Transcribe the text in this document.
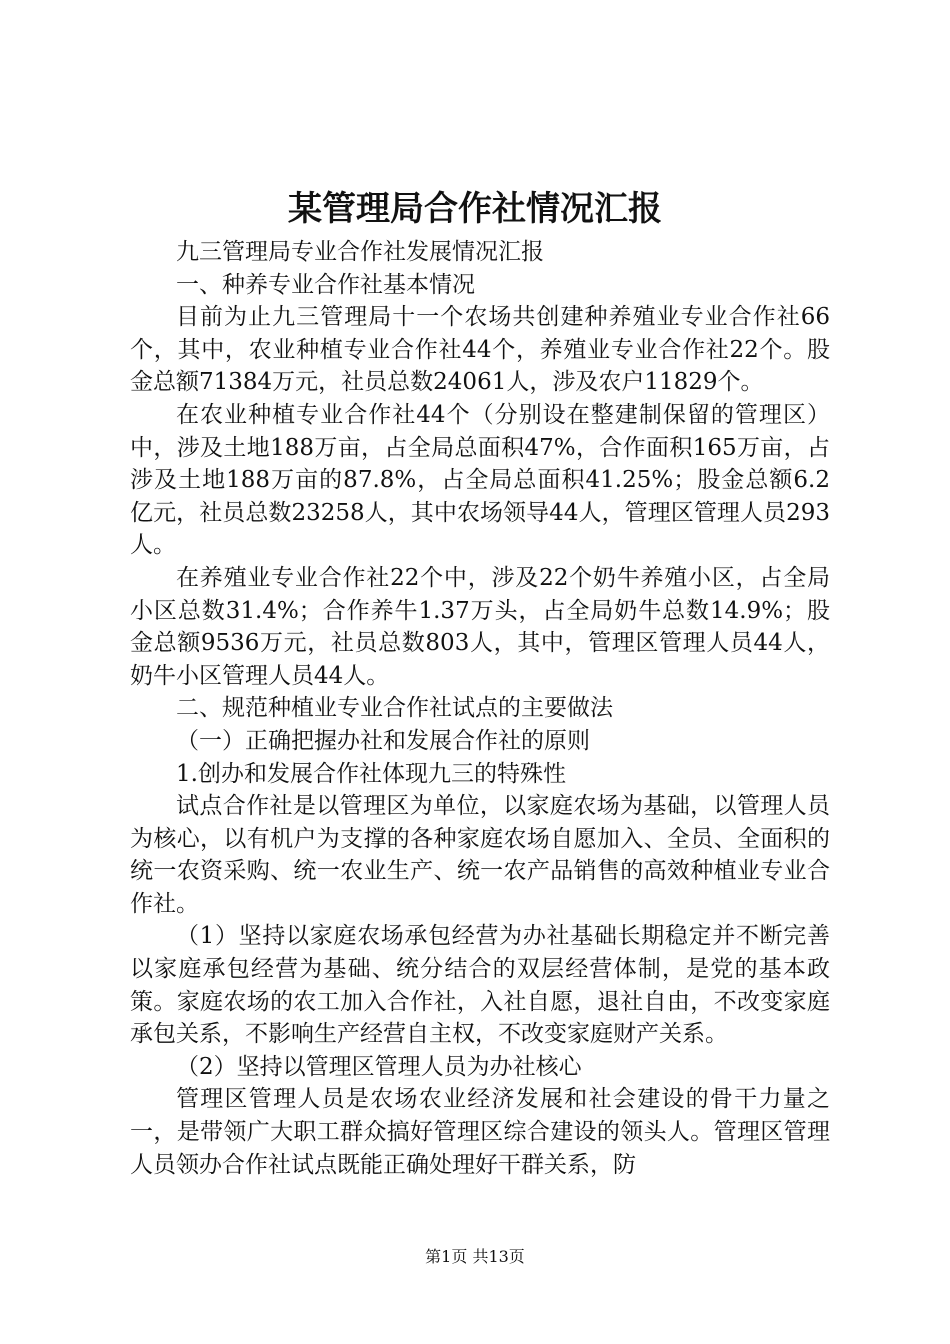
某管理局合作社情况汇报

九三管理局专业合作社发展情况汇报

一、种养专业合作社基本情况

目前为止九三管理局十一个农场共创建种养殖业专业合作社66个，其中，农业种植专业合作社44个，养殖业专业合作社22个。股金总额71384万元，社员总数24061人，涉及农户11829个。

在农业种植专业合作社44个（分别设在整建制保留的管理区）中，涉及土地188万亩，占全局总面积47%，合作面积165万亩，占涉及土地188万亩的87.8%，占全局总面积41.25%；股金总额6.2亿元，社员总数23258人，其中农场领导44人，管理区管理人员293人。

在养殖业专业合作社22个中，涉及22个奶牛养殖小区，占全局小区总数31.4%；合作养牛1.37万头，占全局奶牛总数14.9%；股金总额9536万元，社员总数803人，其中，管理区管理人员44人，奶牛小区管理人员44人。

二、规范种植业专业合作社试点的主要做法

（一）正确把握办社和发展合作社的原则

1.创办和发展合作社体现九三的特殊性

试点合作社是以管理区为单位，以家庭农场为基础，以管理人员为核心，以有机户为支撑的各种家庭农场自愿加入、全员、全面积的统一农资采购、统一农业生产、统一农产品销售的高效种植业专业合作社。

（1）坚持以家庭农场承包经营为办社基础长期稳定并不断完善以家庭承包经营为基础、统分结合的双层经营体制，是党的基本政策。家庭农场的农工加入合作社，入社自愿，退社自由，不改变家庭承包关系，不影响生产经营自主权，不改变家庭财产关系。

（2）坚持以管理区管理人员为办社核心

管理区管理人员是农场农业经济发展和社会建设的骨干力量之一，是带领广大职工群众搞好管理区综合建设的领头人。管理区管理人员领办合作社试点既能正确处理好干群关系，防

第1页 共13页
